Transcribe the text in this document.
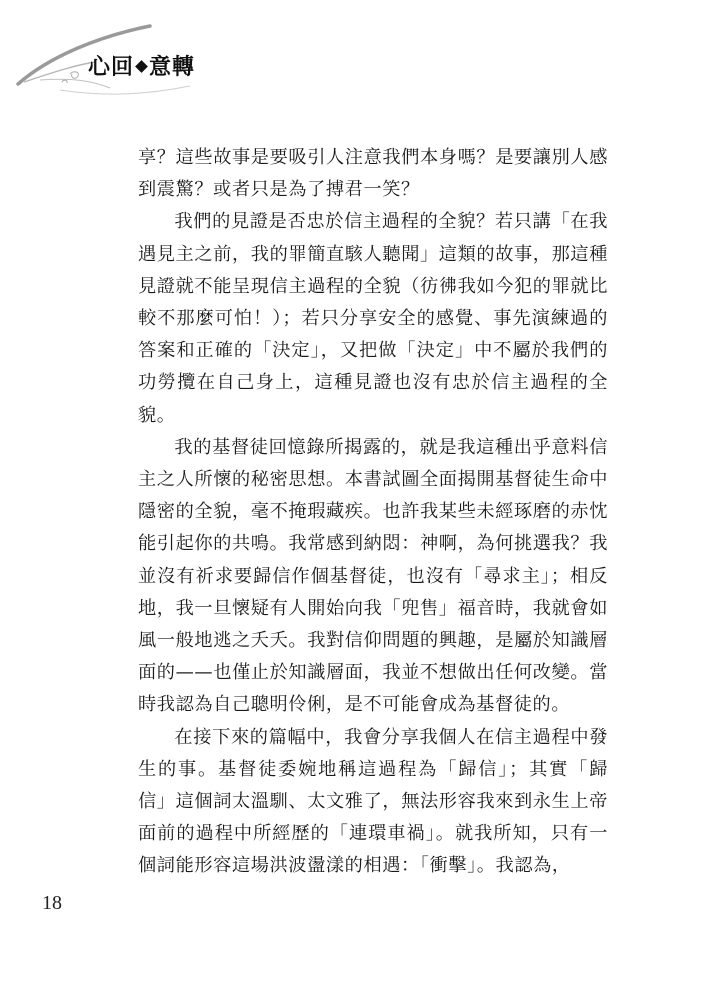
心回 意轉

享？這些故事是要吸引人注意我們本身嗎？是要讓別人感到震驚？或者只是為了搏君一笑？

我們的見證是否忠於信主過程的全貌？若只講「在我遇見主之前，我的罪簡直駭人聽聞」這類的故事，那這種見證就不能呈現信主過程的全貌（彷彿我如今犯的罪就比較不那麼可怕！）；若只分享安全的感覺、事先演練過的答案和正確的「決定」，又把做「決定」中不屬於我們的功勞攬在自己身上，這種見證也沒有忠於信主過程的全貌。

我的基督徒回憶錄所揭露的，就是我這種出乎意料信主之人所懷的秘密思想。本書試圖全面揭開基督徒生命中隱密的全貌，毫不掩瑕藏疾。也許我某些未經琢磨的赤忱能引起你的共鳴。我常感到納悶：神啊，為何挑選我？我並沒有祈求要歸信作個基督徒，也沒有「尋求主」；相反地，我一旦懷疑有人開始向我「兜售」福音時，我就會如風一般地逃之夭夭。我對信仰問題的興趣，是屬於知識層面的——也僅止於知識層面，我並不想做出任何改變。當時我認為自己聰明伶俐，是不可能會成為基督徒的。

在接下來的篇幅中，我會分享我個人在信主過程中發生的事。基督徒委婉地稱這過程為「歸信」；其實「歸信」這個詞太溫馴、太文雅了，無法形容我來到永生上帝面前的過程中所經歷的「連環車禍」。就我所知，只有一個詞能形容這場洪波盪漾的相遇：「衝擊」。我認為，

18
